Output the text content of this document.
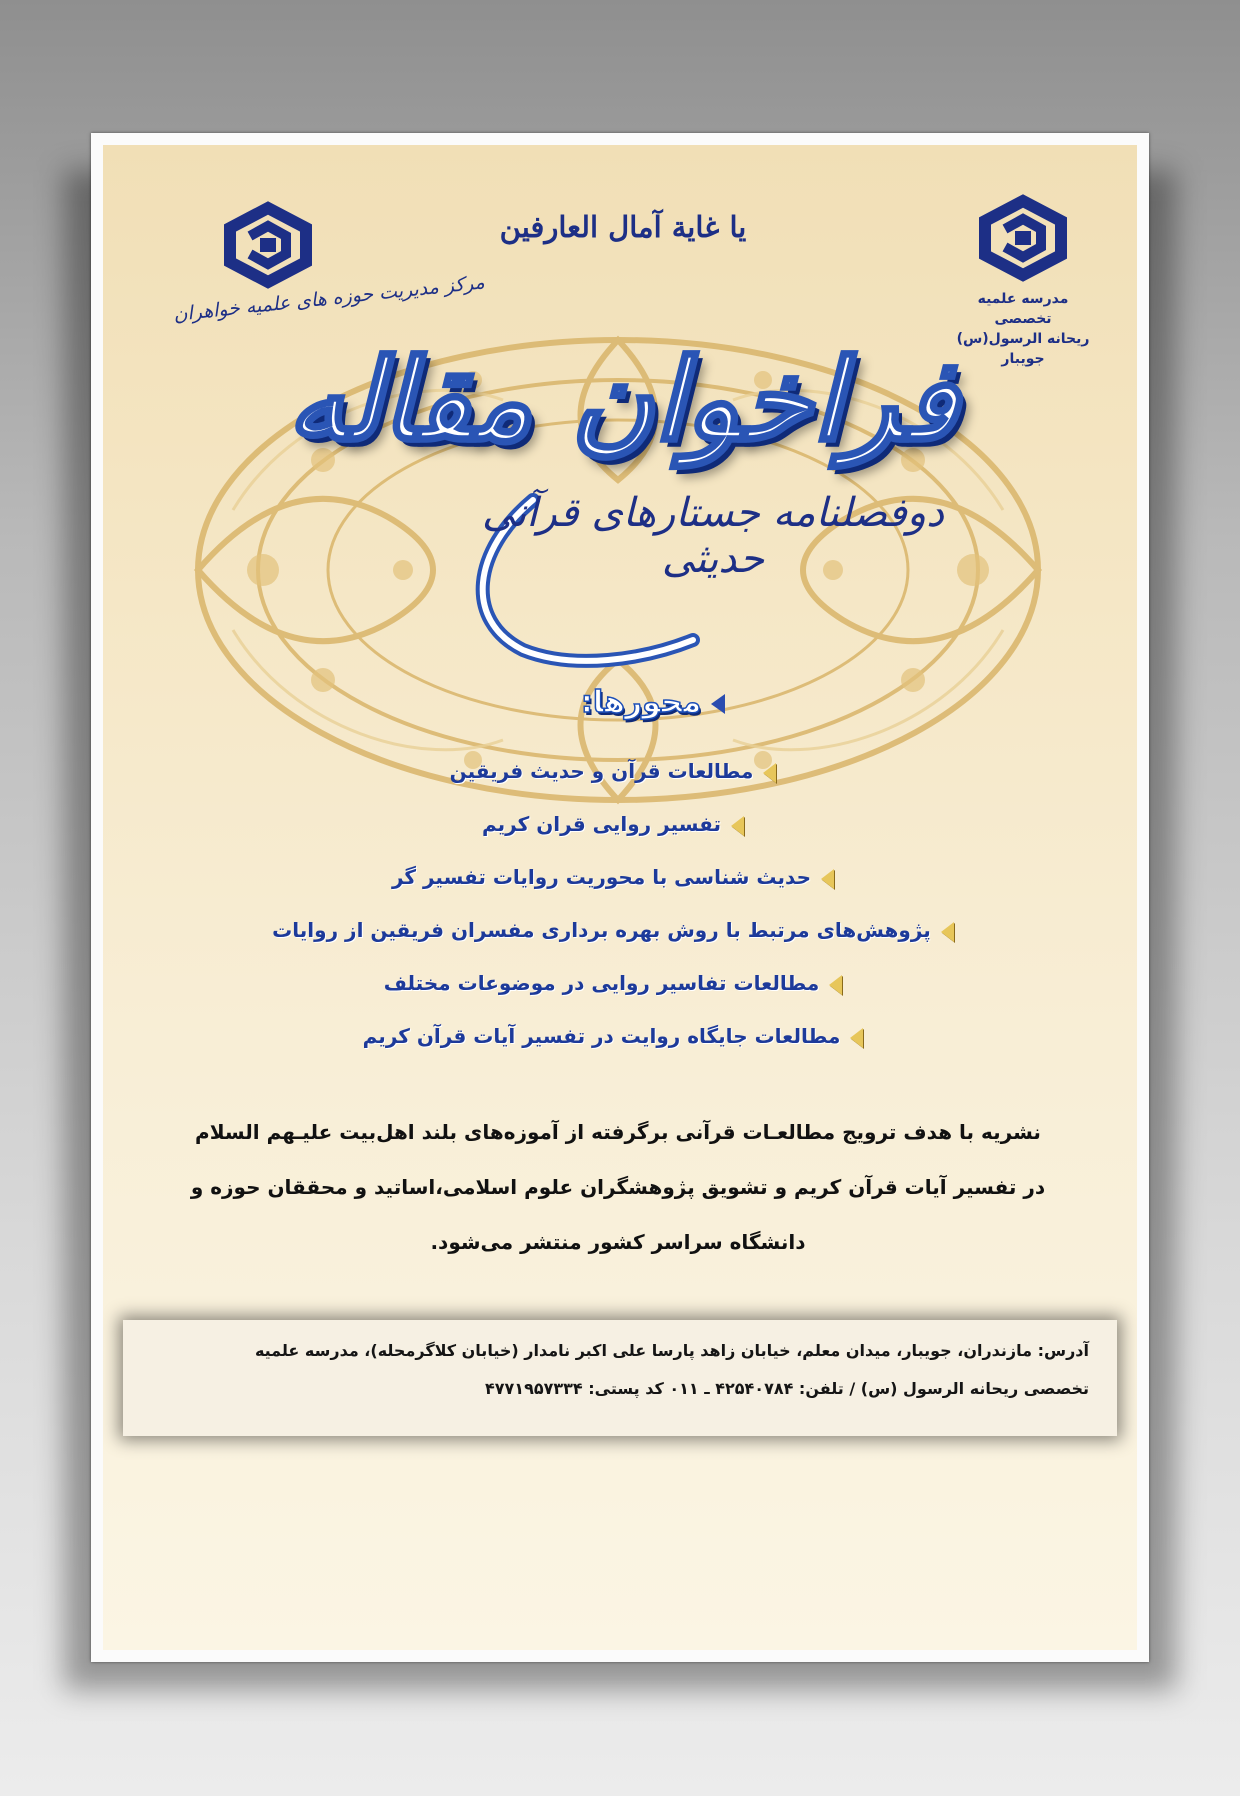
مرکز مدیریت حوزه های علمیه خواهران	مدرسه علمیه تخصصی
ریحانه الرسول(س) جویبار
یا غایة آمال العارفین
فراخوان مقاله
دوفصلنامه جستارهای قرآنی حدیثی
محورها:
مطالعات قرآن و حدیث فریقین
تفسیر روایی قران کریم
حدیث شناسی با محوریت روایات تفسیر گر
پژوهش‌های مرتبط با روش بهره برداری مفسران فریقین از روایات
مطالعات تفاسیر روایی در موضوعات مختلف
مطالعات جایگاه روایت در تفسیر آیات قرآن کریم
نشریه با هدف ترویج مطالعـات قرآنی برگرفته از آموزه‌های بلند اهل‌بیت علیـهم السلام
در تفسیر آیات قرآن کریم و تشویق پژوهشگران علوم اسلامی،اساتید و محققان حوزه و
دانشگاه سراسر کشور منتشر می‌شود.
آدرس: مازندران، جویبار، میدان معلم، خیابان زاهد پارسا علی اکبر نامدار (خیابان کلاگرمحله)، مدرسه علمیه
تخصصی ریحانه الرسول (س) / تلفن: ۴۲۵۴۰۷۸۴ ـ ۰۱۱ کد پستی: ۴۷۷۱۹۵۷۳۳۴
